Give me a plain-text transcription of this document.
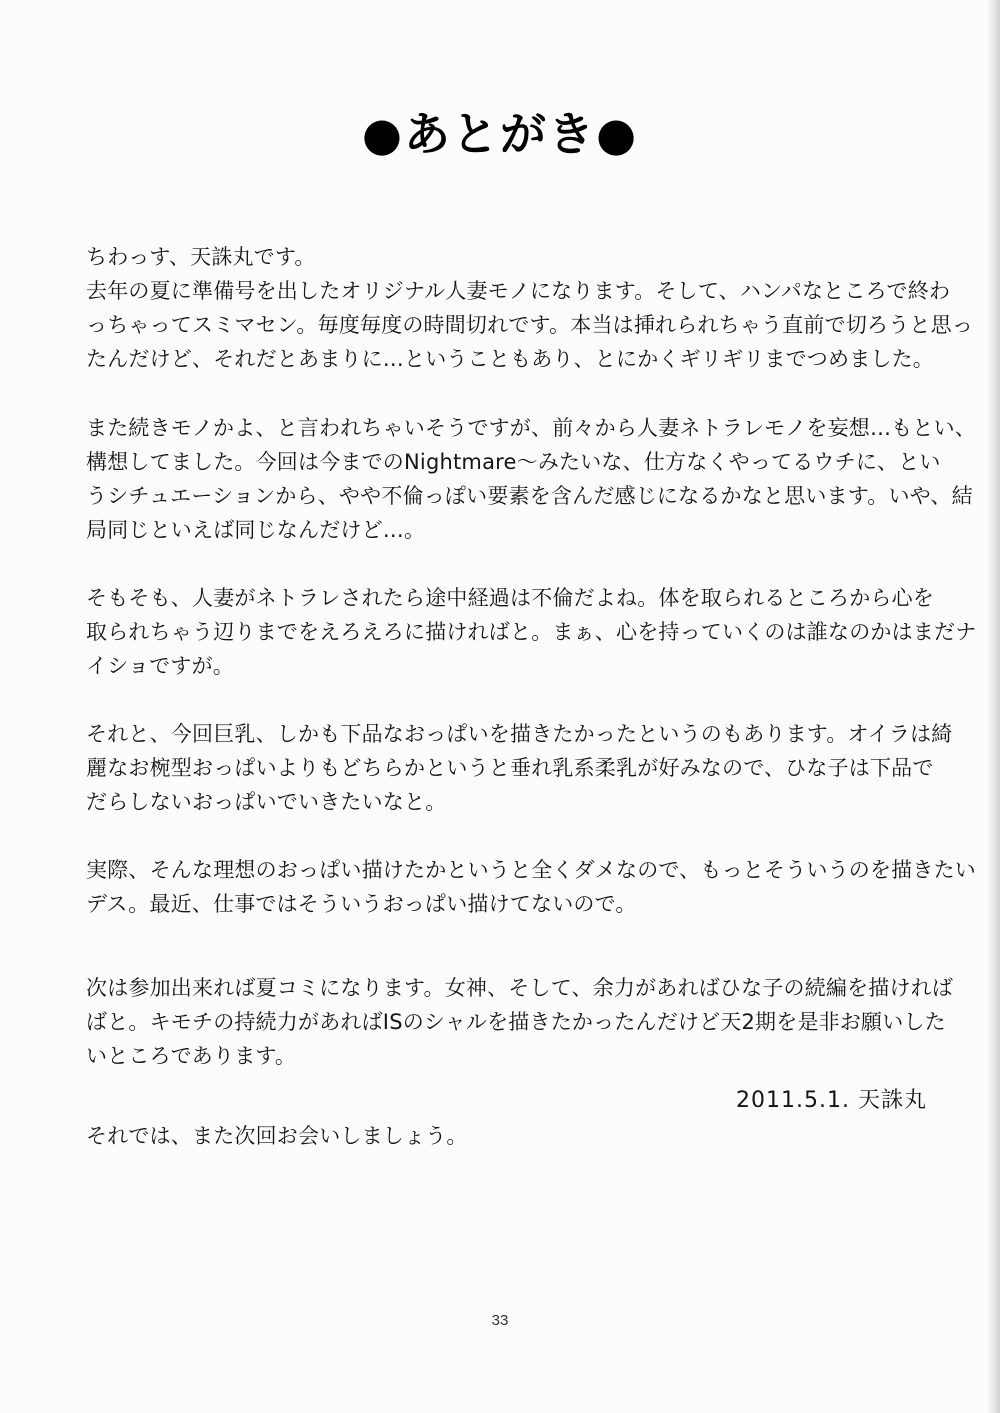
●あとがき●
ちわっす、天誅丸です。
去年の夏に準備号を出したオリジナル人妻モノになります。そして、ハンパなところで終わ
っちゃってスミマセン。毎度毎度の時間切れです。本当は挿れられちゃう直前で切ろうと思っ
たんだけど、それだとあまりに…ということもあり、とにかくギリギリまでつめました。
また続きモノかよ、と言われちゃいそうですが、前々から人妻ネトラレモノを妄想…もとい、
構想してました。今回は今までのNightmare～みたいな、仕方なくやってるウチに、とい
うシチュエーションから、やや不倫っぽい要素を含んだ感じになるかなと思います。いや、結
局同じといえば同じなんだけど…。
そもそも、人妻がネトラレされたら途中経過は不倫だよね。体を取られるところから心を
取られちゃう辺りまでをえろえろに描ければと。まぁ、心を持っていくのは誰なのかはまだナ
イショですが。
それと、今回巨乳、しかも下品なおっぱいを描きたかったというのもあります。オイラは綺
麗なお椀型おっぱいよりもどちらかというと垂れ乳系柔乳が好みなので、ひな子は下品で
だらしないおっぱいでいきたいなと。
実際、そんな理想のおっぱい描けたかというと全くダメなので、もっとそういうのを描きたい
デス。最近、仕事ではそういうおっぱい描けてないので。
次は参加出来れば夏コミになります。女神、そして、余力があればひな子の続編を描ければ
ばと。キモチの持続力があればISのシャルを描きたかったんだけど天2期を是非お願いした
いところであります。
それでは、また次回お会いしましょう。
2011.5.1. 天誅丸
33
